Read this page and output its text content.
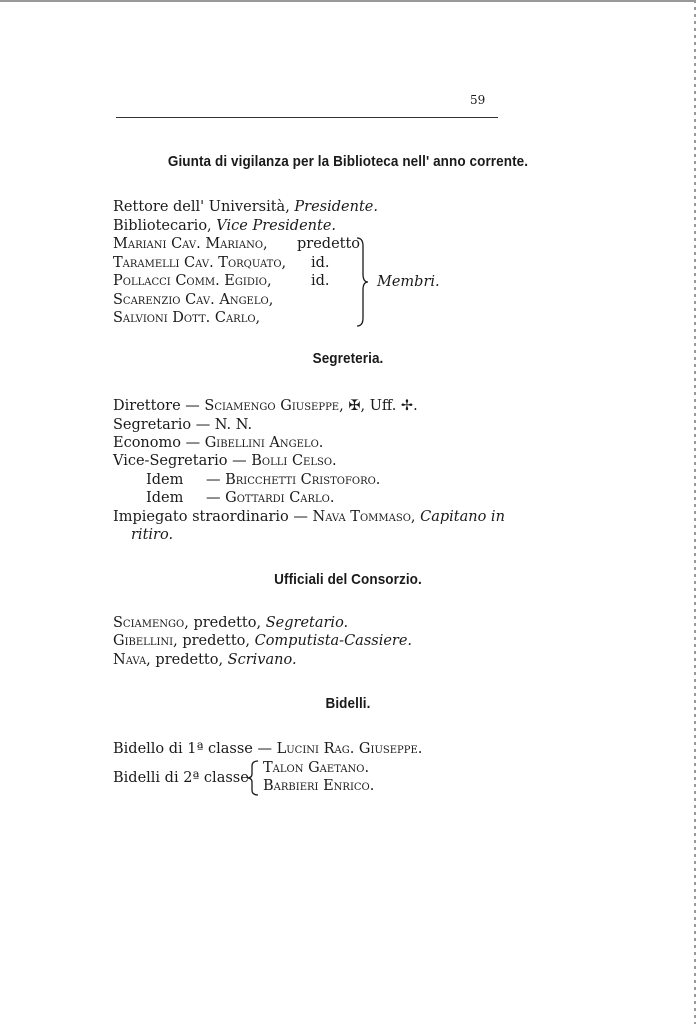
59
Giunta di vigilanza per la Biblioteca nell' anno corrente.
Rettore dell' Università, Presidente.
Bibliotecario, Vice Presidente.
Mariani Cav. Mariano, predetto
Taramelli Cav. Torquato, id.
Pollacci Comm. Egidio,	id.
Scarenzio Cav. Angelo,
Salvioni Dott. Carlo,
Membri.
Segreteria.
Direttore — Sciamengo Giuseppe, ✠, Uff. ✢.
Segretario — N. N.
Economo — Gibellini Angelo.
Vice-Segretario — Bolli Celso.
Idem — Bricchetti Cristoforo.
Idem — Gottardi Carlo.
Impiegato straordinario — Nava Tommaso, Capitano in
ritiro.
Ufficiali del Consorzio.
Sciamengo, predetto, Segretario.
Gibellini, predetto, Computista-Cassiere.
Nava, predetto, Scrivano.
Bidelli.
Bidello di 1ª classe — Lucini Rag. Giuseppe.
Bidelli di 2ª classe
Talon Gaetano.
Barbieri Enrico.
